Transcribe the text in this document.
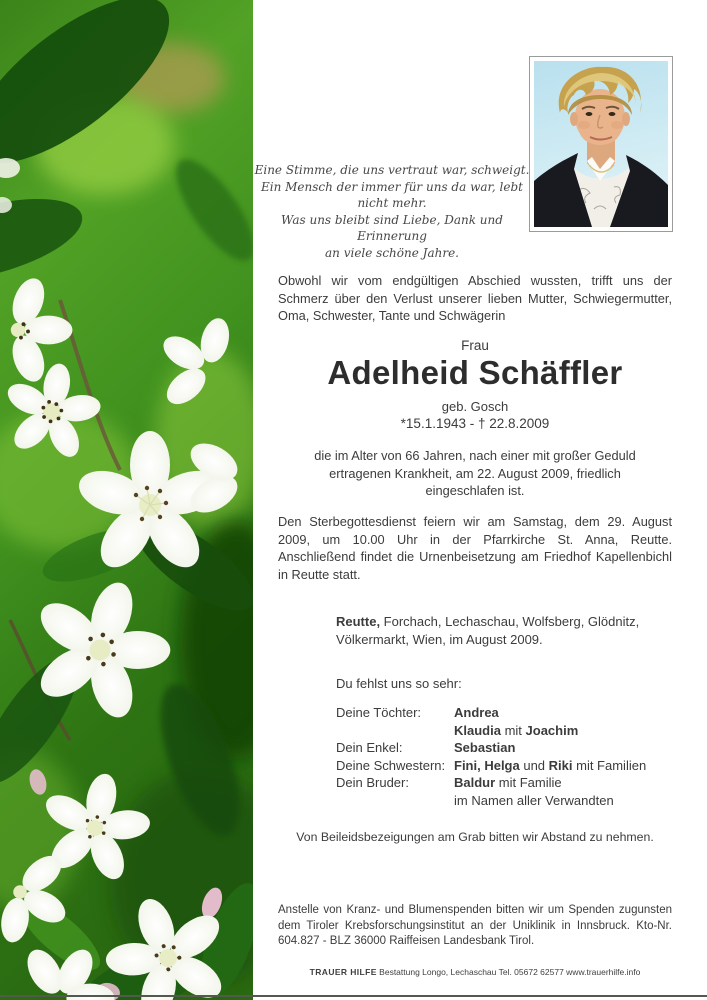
Eine Stimme, die uns vertraut war, schweigt.
Ein Mensch der immer für uns da war, lebt nicht mehr.
Was uns bleibt sind Liebe, Dank und Erinnerung
an viele schöne Jahre.
Obwohl wir vom endgültigen Abschied wussten, trifft uns der Schmerz über den Verlust unserer lieben Mutter, Schwiegermutter, Oma, Schwester, Tante und Schwägerin
Frau
Adelheid Schäffler
geb. Gosch
*15.1.1943 - † 22.8.2009
die im Alter von 66 Jahren, nach einer mit großer Geduld ertragenen Krankheit, am 22. August 2009, friedlich eingeschlafen ist.
Den Sterbegottesdienst feiern wir am Samstag, dem 29. August 2009, um 10.00 Uhr in der Pfarrkirche St. Anna, Reutte. Anschließend findet die Urnenbeisetzung am Friedhof Kapellenbichl in Reutte statt.
Reutte, Forchach, Lechaschau, Wolfsberg, Glödnitz, Völkermarkt, Wien, im August 2009.
Du fehlst uns so sehr:
Deine Töchter:	Andrea
Klaudia mit Joachim
Dein Enkel:	Sebastian
Deine Schwestern: Fini, Helga und Riki mit Familien
Dein Bruder:	Baldur mit Familie
im Namen aller Verwandten
Von Beileidsbezeigungen am Grab bitten wir Abstand zu nehmen.
Anstelle von Kranz- und Blumenspenden bitten wir um Spenden zugunsten dem Tiroler Krebsforschungsinstitut an der Uniklinik in Innsbruck. Kto-Nr. 604.827 - BLZ 36000 Raiffeisen Landesbank Tirol.
TRAUER HILFE Bestattung Longo, Lechaschau Tel. 05672 62577 www.trauerhilfe.info
